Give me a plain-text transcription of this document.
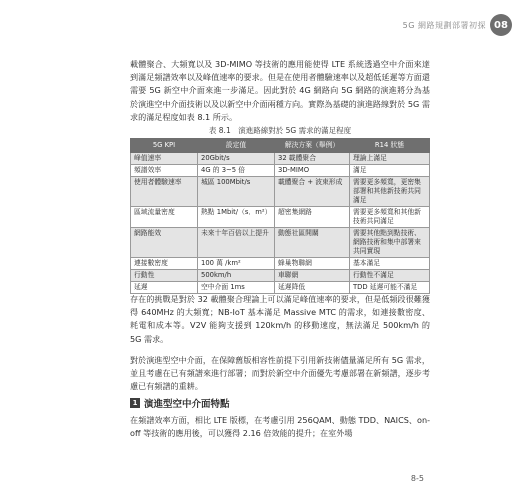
5G 網路規劃部署初探 08
載體聚合、大頻寬以及 3D-MIMO 等技術的應用能使得 LTE 系統透過空中介面來達到滿足頻譜效率以及峰值速率的要求。但是在使用者體驗速率以及超低延遲等方面還需要 5G 新空中介面來進一步滿足。因此對於 4G 網路向 5G 網路的演進將分為基於演進空中介面技術以及以新空中介面兩種方向。實際為基礎的演進路線對於 5G 需求的滿足程度如表 8.1 所示。
表 8.1　演進路線對於 5G 需求的滿足程度
5G KPI	設定值	解決方案（舉例）	R14 狀態
峰值速率	20Gbit/s	32 載體聚合	理論上滿足
頻譜效率	4G 的 3~5 倍	3D-MIMO	滿足
使用者體驗速率	城區 100Mbit/s	載體聚合 + 波束形成	需要更多頻寬，更密集部署和其他新技術共同滿足
區域流量密度	熱點 1Mbit/（s．m²）	超密集網路	需要更多頻寬和其他新技術共同滿足
網路能效	未來十年百倍以上提升	動態社區開關	需要其他點到點技術、網路技術和集中部署來共同實現
連接數密度	100 萬 /km²	蜂巢物聯網	基本滿足
行動性	500km/h	車聯網	行動性不滿足
延遲	空中介面 1ms	延遲降低	TDD 延遲可能不滿足
存在的挑戰是對於 32 載體聚合理論上可以滿足峰值速率的要求，但是低頻段很難獲得 640MHz 的大頻寬；NB-IoT 基本滿足 Massive MTC 的需求，如連接數密度、耗電和成本等。V2V 能夠支援到 120km/h 的移動速度，無法滿足 500km/h 的 5G 需求。
對於演進型空中介面，在保障舊版相容性前提下引用新技術儘量滿足所有 5G 需求，並且考慮在已有頻譜來進行部署；而對於新空中介面優先考慮部署在新頻譜，逐步考慮已有頻譜的重耕。
1 演進型空中介面特點
在頻譜效率方面，相比 LTE 版標，在考慮引用 256QAM、動態 TDD、NAICS、on-off 等技術的應用後，可以獲得 2.16 倍效能的提升；在室外場
8-5
